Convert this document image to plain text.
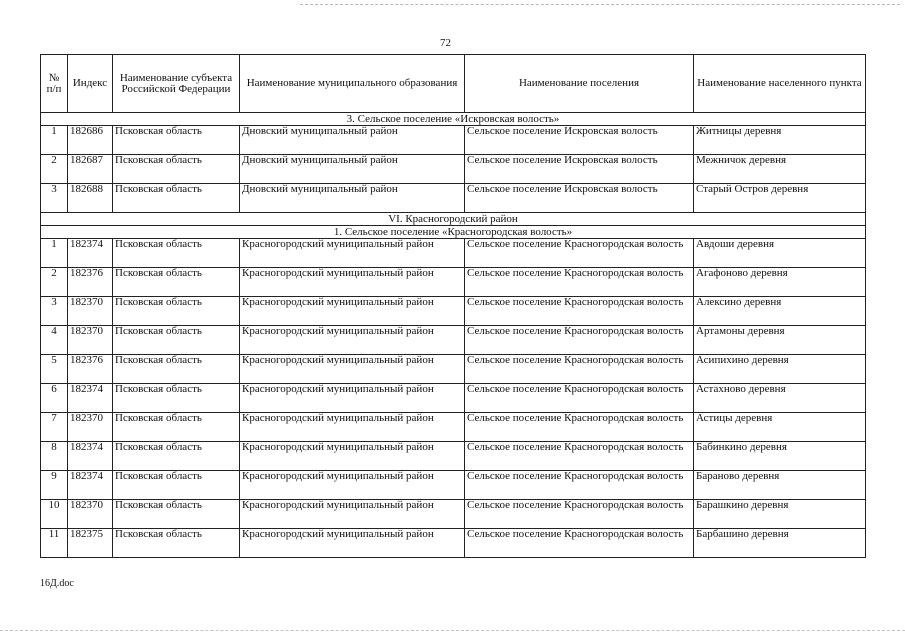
72
№ п/п	Индекс	Наименование субъекта Российской Федерации	Наименование муниципального образования	Наименование поселения	Наименование населенного пункта
3. Сельское поселение «Искровская волость»					
1	182686	Псковская область	Дновский муниципальный район	Сельское поселение Искровская волость	Житницы деревня
2	182687	Псковская область	Дновский муниципальный район	Сельское поселение Искровская волость	Межничок деревня
3	182688	Псковская область	Дновский муниципальный район	Сельское поселение Искровская волость	Старый Остров деревня
VI. Красногородский район					
1. Сельское поселение «Красногородская волость»					
1	182374	Псковская область	Красногородский муниципальный район	Сельское поселение Красногородская волость	Авдоши деревня
2	182376	Псковская область	Красногородский муниципальный район	Сельское поселение Красногородская волость	Агафоново деревня
3	182370	Псковская область	Красногородский муниципальный район	Сельское поселение Красногородская волость	Алексино деревня
4	182370	Псковская область	Красногородский муниципальный район	Сельское поселение Красногородская волость	Артамоны деревня
5	182376	Псковская область	Красногородский муниципальный район	Сельское поселение Красногородская волость	Асипихино деревня
6	182374	Псковская область	Красногородский муниципальный район	Сельское поселение Красногородская волость	Астахново деревня
7	182370	Псковская область	Красногородский муниципальный район	Сельское поселение Красногородская волость	Астицы деревня
8	182374	Псковская область	Красногородский муниципальный район	Сельское поселение Красногородская волость	Бабинкино деревня
9	182374	Псковская область	Красногородский муниципальный район	Сельское поселение Красногородская волость	Бараново деревня
10	182370	Псковская область	Красногородский муниципальный район	Сельское поселение Красногородская волость	Барашкино деревня
11	182375	Псковская область	Красногородский муниципальный район	Сельское поселение Красногородская волость	Барбашино деревня
16Д.doc
